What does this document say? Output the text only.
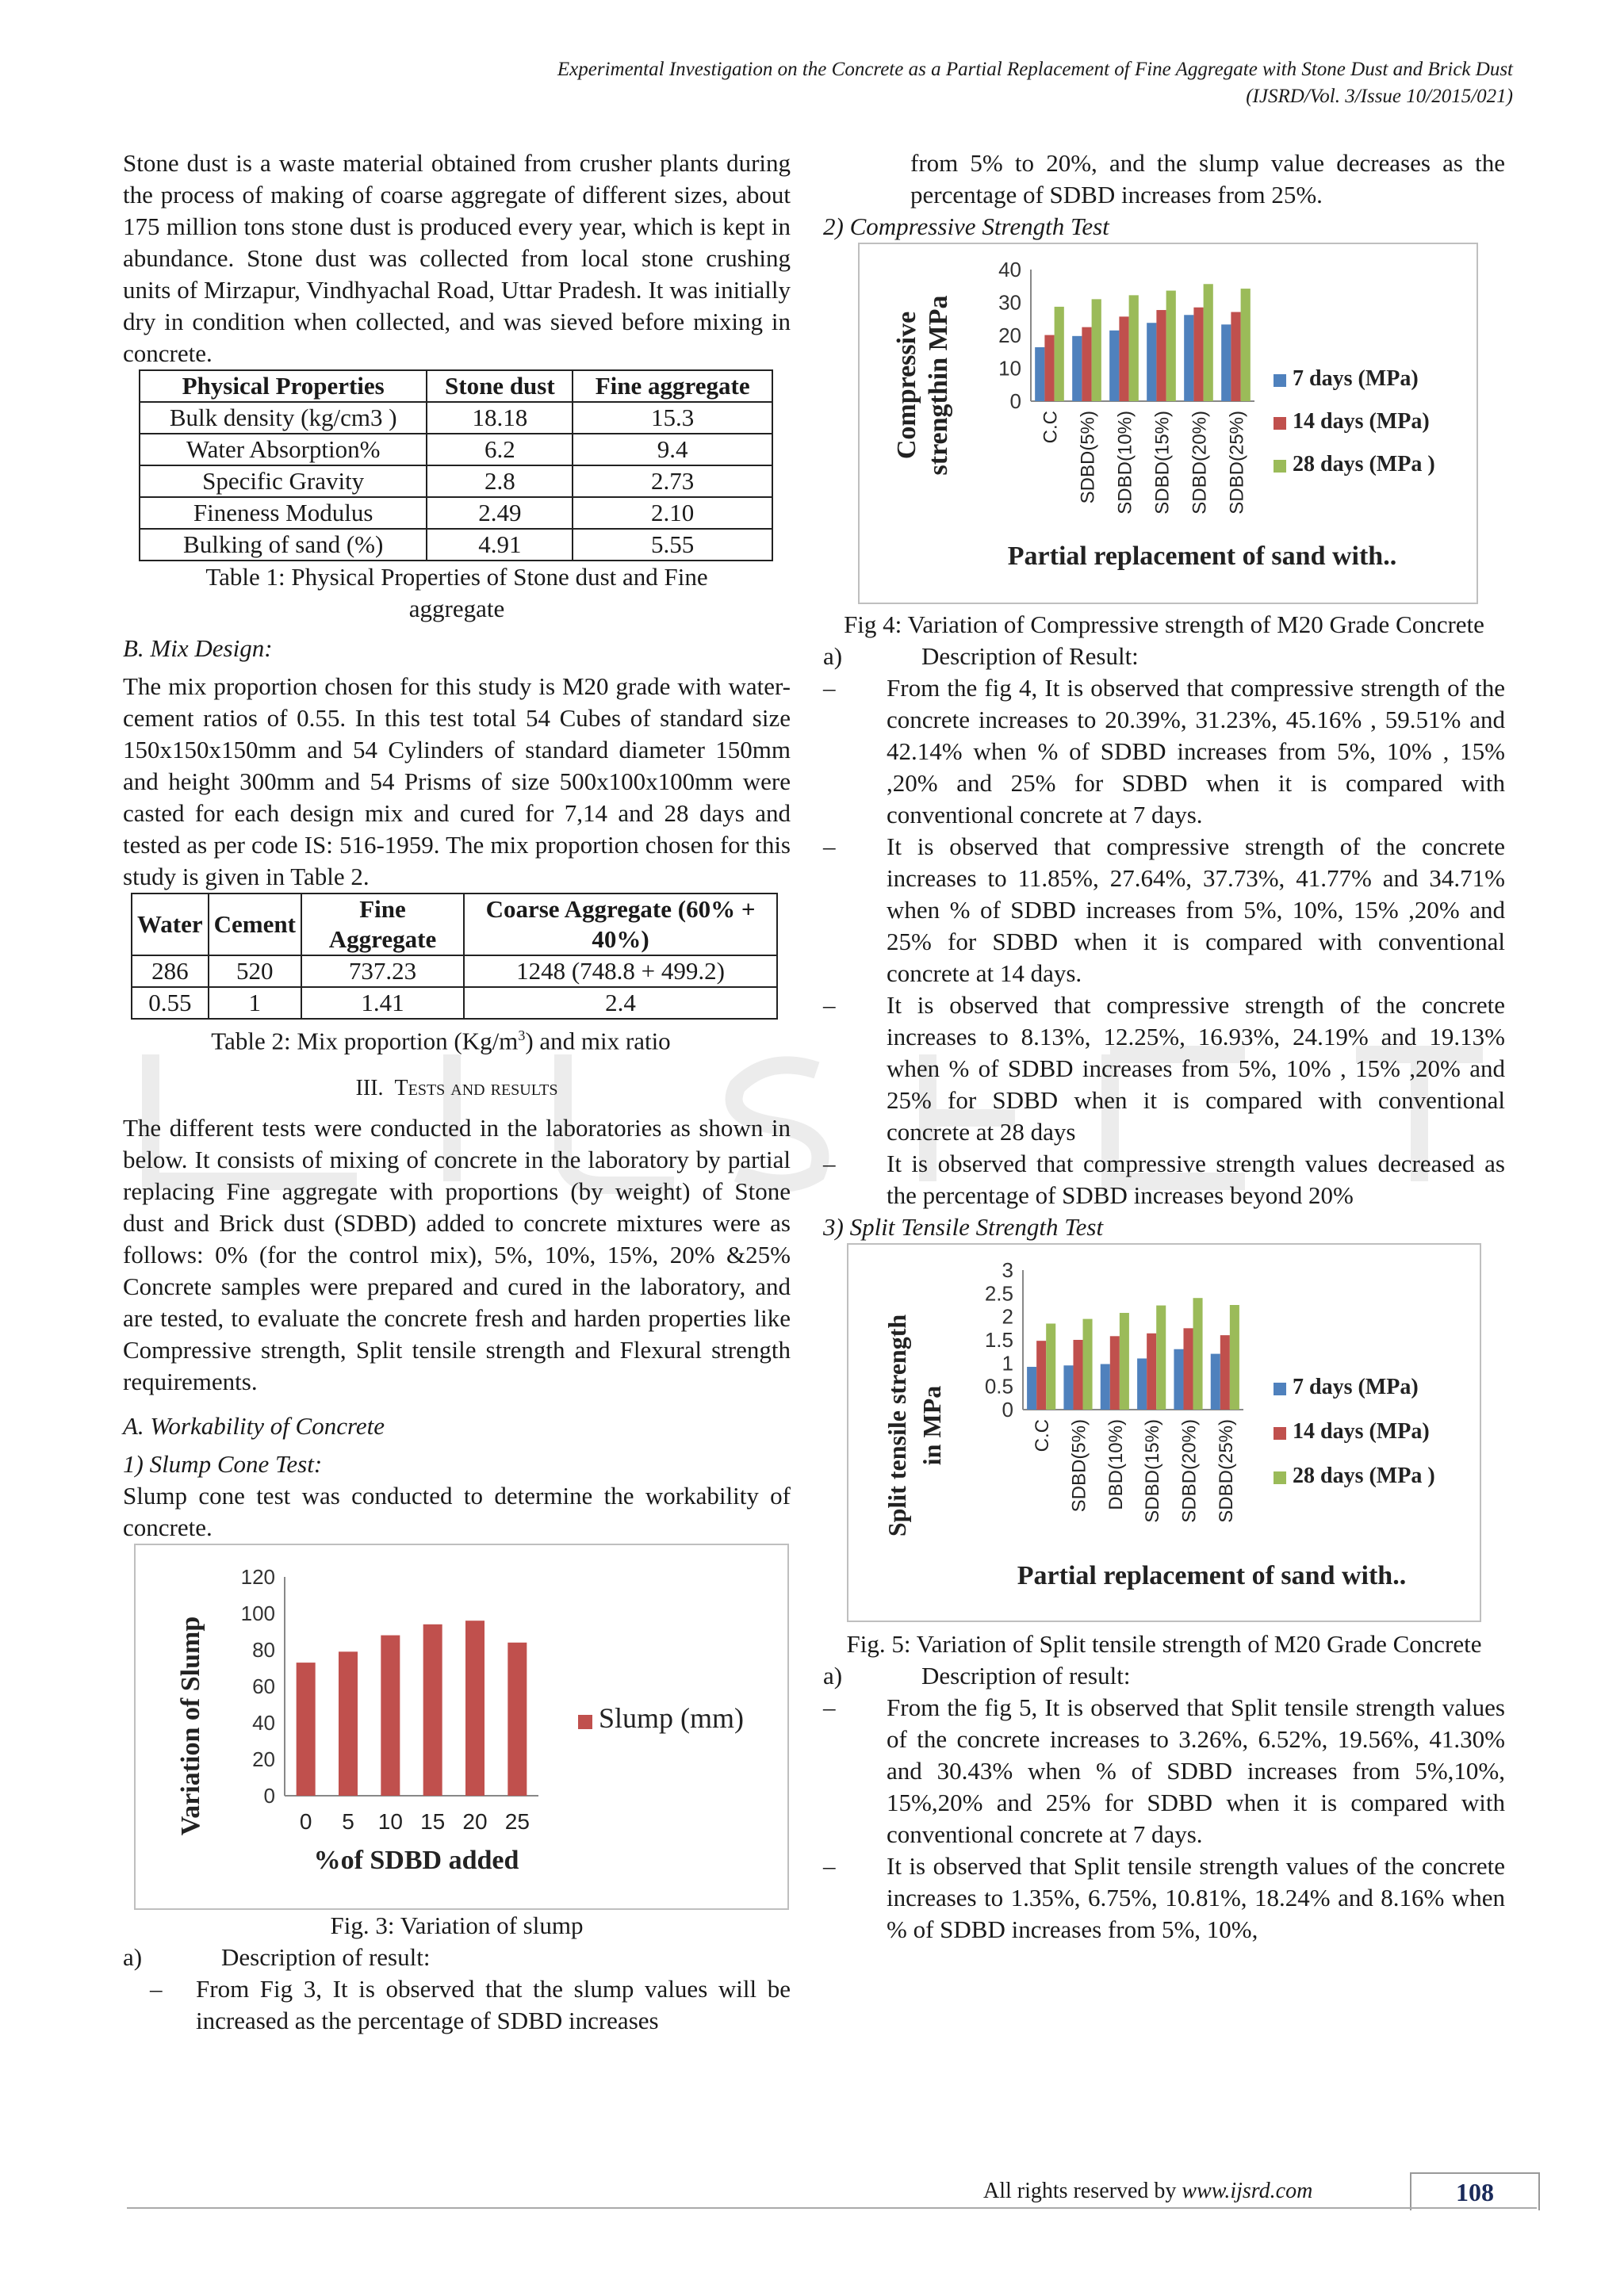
Experimental Investigation on the Concrete as a Partial Replacement of Fine Aggregate with Stone Dust and Brick Dust
(IJSRD/Vol. 3/Issue 10/2015/021)

Stone dust is a waste material obtained from crusher plants during the process of making of coarse aggregate of different sizes, about 175 million tons stone dust is produced every year, which is kept in abundance. Stone dust was collected from local stone crushing units of Mirzapur, Vindhyachal Road, Uttar Pradesh. It was initially dry in condition when collected, and was sieved before mixing in concrete.

Physical Properties	Stone dust	Fine aggregate
Bulk density (kg/cm3 )	18.18	15.3
Water Absorption%	6.2	9.4
Specific Gravity	2.8	2.73
Fineness Modulus	2.49	2.10
Bulking of sand (%)	4.91	5.55

Table 1: Physical Properties of Stone dust and Fine aggregate

B. Mix Design:

The mix proportion chosen for this study is M20 grade with water-cement ratios of 0.55. In this test total 54 Cubes of standard size 150x150x150mm and 54 Cylinders of standard diameter 150mm and height 300mm and 54 Prisms of size 500x100x100mm were casted for each design mix and cured for 7,14 and 28 days and tested as per code IS: 516-1959. The mix proportion chosen for this study is given in Table 2.

Water	Cement	Fine Aggregate	Coarse Aggregate (60% + 40%)

286	520	737.23	1248 (748.8 + 499.2)
0.55	1	1.41	2.4

Table 2: Mix proportion $(Kg/m^3)$ and mix ratio

III. Tests and results

The different tests were conducted in the laboratories as shown in below. It consists of mixing of concrete in the laboratory by partial replacing Fine aggregate with proportions (by weight) of Stone dust and Brick dust (SDBD) added to concrete mixtures were as follows: 0% (for the control mix), 5%, 10%, 15%, 20% &25% Concrete samples were prepared and cured in the laboratory, and are tested, to evaluate the concrete fresh and harden properties like Compressive strength, Split tensile strength and Flexural strength requirements.

A. Workability of Concrete

1) Slump Cone Test:

Slump cone test was conducted to determine the workability of concrete.

0
20
40
60
80
100
120
0 5 10 15 20 25
Variation of Slump
%of SDBD added
Slump (mm)

Fig. 3: Variation of slump

a)	Description of result:

–	From Fig 3, It is observed that the slump values will be increased as the percentage of SDBD increases

from 5% to 20%, and the slump value decreases as the percentage of SDBD increases from 25%.

2) Compressive Strength Test

0
10
20
30
40
C.C SDBD(5%) SDBD(10%) SDBD(15%) SDBD(20%) SDBD(25%)
Compressive strengthin MPa
Partial replacement of sand with..
7 days (MPa)
14 days (MPa)
28 days (MPa )

Fig 4: Variation of Compressive strength of M20 Grade Concrete

a)	Description of Result:

–	From the fig 4, It is observed that compressive strength of the concrete increases to 20.39%, 31.23%, 45.16% , 59.51% and 42.14% when % of SDBD increases from 5%, 10% , 15% ,20% and 25% for SDBD when it is compared with conventional concrete at 7 days.
–	It is observed that compressive strength of the concrete increases to 11.85%, 27.64%, 37.73%, 41.77% and 34.71% when % of SDBD increases from 5%, 10%, 15% ,20% and 25% for SDBD when it is compared with conventional concrete at 14 days.
–	It is observed that compressive strength of the concrete increases to 8.13%, 12.25%, 16.93%, 24.19% and 19.13% when % of SDBD increases from 5%, 10% , 15% ,20% and 25% for SDBD when it is compared with conventional concrete at 28 days
–	It is observed that compressive strength values decreased as the percentage of SDBD increases beyond 20%

3) Split Tensile Strength Test

0
0.5
1
1.5
2
2.5
3
C.C SDBD(5%) DBD(10%) SDBD(15%) SDBD(20%) SDBD(25%)
Split tensile strength in MPa
Partial replacement of sand with..
7 days (MPa)
14 days (MPa)
28 days (MPa )

Fig. 5: Variation of Split tensile strength of M20 Grade Concrete

a)	Description of result:

–	From the fig 5, It is observed that Split tensile strength values of the concrete increases to 3.26%, 6.52%, 19.56%, 41.30% and 30.43% when % of SDBD increases from 5%,10%, 15%,20% and 25% for SDBD when it is compared with conventional concrete at 7 days.
–	It is observed that Split tensile strength values of the concrete increases to 1.35%, 6.75%, 10.81%, 18.24% and 8.16% when % of SDBD increases from 5%, 10%,
All rights reserved by www.ijsrd.com	108
